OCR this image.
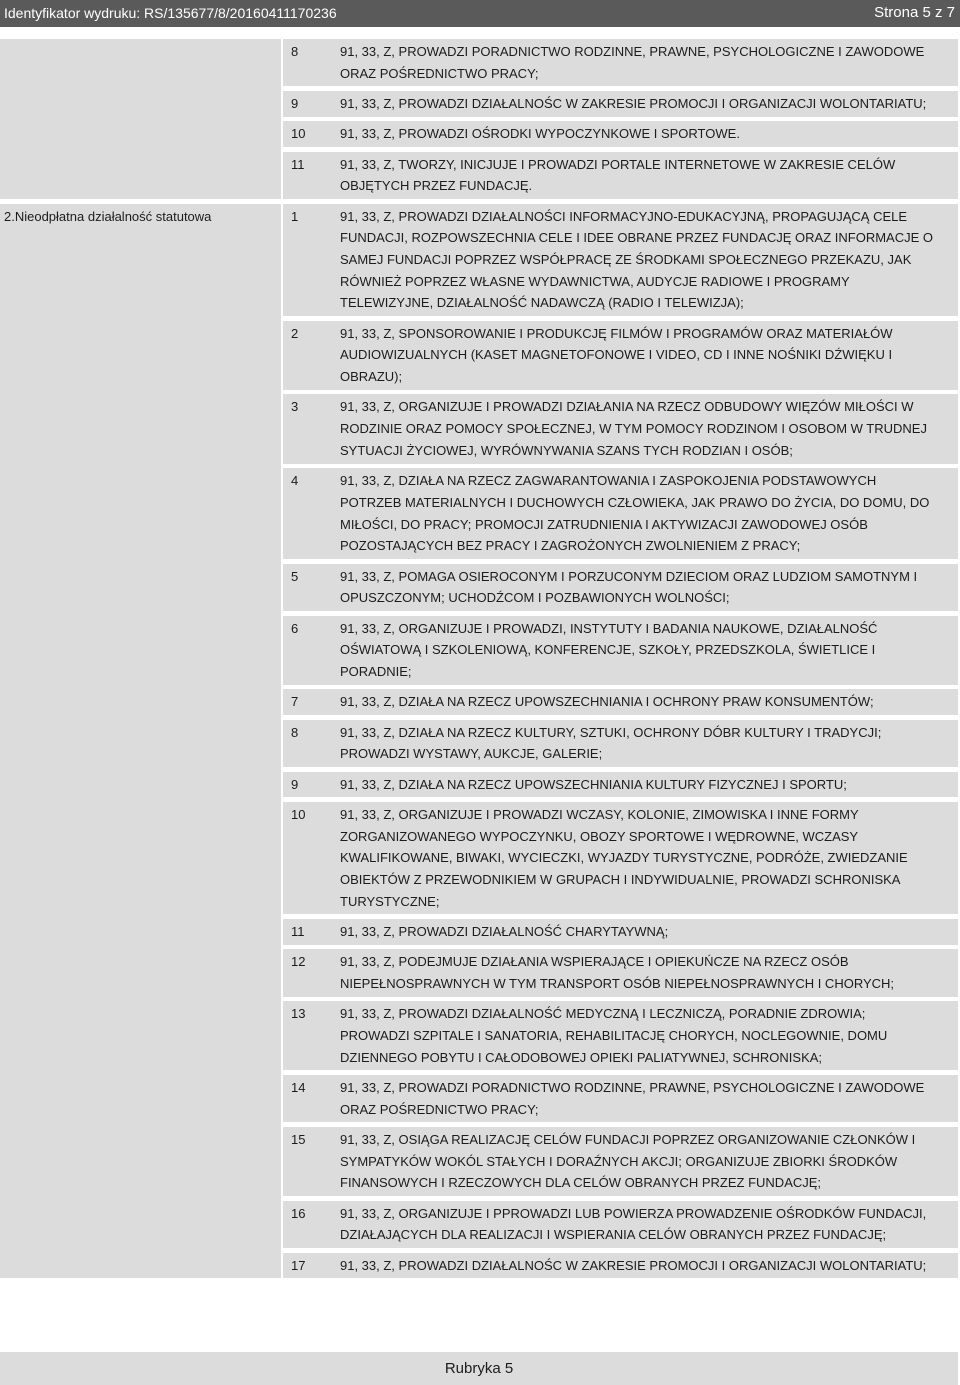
Identyfikator wydruku: RS/135677/8/20160411170236	Strona 5 z 7
8	91, 33, Z, PROWADZI PORADNICTWO RODZINNE, PRAWNE, PSYCHOLOGICZNE I ZAWODOWE
ORAZ POŚREDNICTWO PRACY;
9	91, 33, Z, PROWADZI DZIAŁALNOŚC W ZAKRESIE PROMOCJI I ORGANIZACJI WOLONTARIATU;
10	91, 33, Z, PROWADZI OŚRODKI WYPOCZYNKOWE I SPORTOWE.
11	91, 33, Z, TWORZY, INICJUJE I PROWADZI PORTALE INTERNETOWE W ZAKRESIE CELÓW
OBJĘTYCH PRZEZ FUNDACJĘ.
2.Nieodpłatna działalność statutowa	1	91, 33, Z, PROWADZI DZIAŁALNOŚCI INFORMACYJNO-EDUKACYJNĄ, PROPAGUJĄCĄ CELE
FUNDACJI, ROZPOWSZECHNIA CELE I IDEE OBRANE PRZEZ FUNDACJĘ ORAZ INFORMACJE O
SAMEJ FUNDACJI POPRZEZ WSPÓŁPRACĘ ZE ŚRODKAMI SPOŁECZNEGO PRZEKAZU, JAK
RÓWNIEŻ POPRZEZ WŁASNE WYDAWNICTWA, AUDYCJE RADIOWE I PROGRAMY
TELEWIZYJNE, DZIAŁALNOŚĆ NADAWCZĄ (RADIO I TELEWIZJA);
2	91, 33, Z, SPONSOROWANIE I PRODUKCJĘ FILMÓW I PROGRAMÓW ORAZ MATERIAŁÓW
AUDIOWIZUALNYCH (KASET MAGNETOFONOWE I VIDEO, CD I INNE NOŚNIKI DŹWIĘKU I
OBRAZU);
3	91, 33, Z, ORGANIZUJE I PROWADZI DZIAŁANIA NA RZECZ ODBUDOWY WIĘZÓW MIŁOŚCI W
RODZINIE ORAZ POMOCY SPOŁECZNEJ, W TYM POMOCY RODZINOM I OSOBOM W TRUDNEJ
SYTUACJI ŻYCIOWEJ, WYRÓWNYWANIA SZANS TYCH RODZIAN I OSÓB;
4	91, 33, Z, DZIAŁA NA RZECZ ZAGWARANTOWANIA I ZASPOKOJENIA PODSTAWOWYCH
POTRZEB MATERIALNYCH I DUCHOWYCH CZŁOWIEKA, JAK PRAWO DO ŻYCIA, DO DOMU, DO
MIŁOŚCI, DO PRACY; PROMOCJI ZATRUDNIENIA I AKTYWIZACJI ZAWODOWEJ OSÓB
POZOSTAJĄCYCH BEZ PRACY I ZAGROŻONYCH ZWOLNIENIEM Z PRACY;
5	91, 33, Z, POMAGA OSIEROCONYM I PORZUCONYM DZIECIOM ORAZ LUDZIOM SAMOTNYM I
OPUSZCZONYM; UCHODŹCOM I POZBAWIONYCH WOLNOŚCI;
6	91, 33, Z, ORGANIZUJE I PROWADZI, INSTYTUTY I BADANIA NAUKOWE, DZIAŁALNOŚĆ
OŚWIATOWĄ I SZKOLENIOWĄ, KONFERENCJE, SZKOŁY, PRZEDSZKOLA, ŚWIETLICE I
PORADNIE;
7	91, 33, Z, DZIAŁA NA RZECZ UPOWSZECHNIANIA I OCHRONY PRAW KONSUMENTÓW;
8	91, 33, Z, DZIAŁA NA RZECZ KULTURY, SZTUKI, OCHRONY DÓBR KULTURY I TRADYCJI;
PROWADZI WYSTAWY, AUKCJE, GALERIE;
9	91, 33, Z, DZIAŁA NA RZECZ UPOWSZECHNIANIA KULTURY FIZYCZNEJ I SPORTU;
10	91, 33, Z, ORGANIZUJE I PROWADZI WCZASY, KOLONIE, ZIMOWISKA I INNE FORMY
ZORGANIZOWANEGO WYPOCZYNKU, OBOZY SPORTOWE I WĘDROWNE, WCZASY
KWALIFIKOWANE, BIWAKI, WYCIECZKI, WYJAZDY TURYSTYCZNE, PODRÓŻE, ZWIEDZANIE
OBIEKTÓW Z PRZEWODNIKIEM W GRUPACH I INDYWIDUALNIE, PROWADZI SCHRONISKA
TURYSTYCZNE;
11	91, 33, Z, PROWADZI DZIAŁALNOŚĆ CHARYTAYWNĄ;
12	91, 33, Z, PODEJMUJE DZIAŁANIA WSPIERAJĄCE I OPIEKUŃCZE NA RZECZ OSÓB
NIEPEŁNOSPRAWNYCH W TYM TRANSPORT OSÓB NIEPEŁNOSPRAWNYCH I CHORYCH;
13	91, 33, Z, PROWADZI DZIAŁALNOŚĆ MEDYCZNĄ I LECZNICZĄ, PORADNIE ZDROWIA;
PROWADZI SZPITALE I SANATORIA, REHABILITACJĘ CHORYCH, NOCLEGOWNIE, DOMU
DZIENNEGO POBYTU I CAŁODOBOWEJ OPIEKI PALIATYWNEJ, SCHRONISKA;
14	91, 33, Z, PROWADZI PORADNICTWO RODZINNE, PRAWNE, PSYCHOLOGICZNE I ZAWODOWE
ORAZ POŚREDNICTWO PRACY;
15	91, 33, Z, OSIĄGA REALIZACJĘ CELÓW FUNDACJI POPRZEZ ORGANIZOWANIE CZŁONKÓW I
SYMPATYKÓW WOKÓL STAŁYCH I DORAŹNYCH AKCJI; ORGANIZUJE ZBIORKI ŚRODKÓW
FINANSOWYCH I RZECZOWYCH DLA CELÓW OBRANYCH PRZEZ FUNDACJĘ;
16	91, 33, Z, ORGANIZUJE I PPROWADZI LUB POWIERZA PROWADZENIE OŚRODKÓW FUNDACJI,
DZIAŁAJĄCYCH DLA REALIZACJI I WSPIERANIA CELÓW OBRANYCH PRZEZ FUNDACJĘ;
17	91, 33, Z, PROWADZI DZIAŁALNOŚC W ZAKRESIE PROMOCJI I ORGANIZACJI WOLONTARIATU;
Rubryka 5
